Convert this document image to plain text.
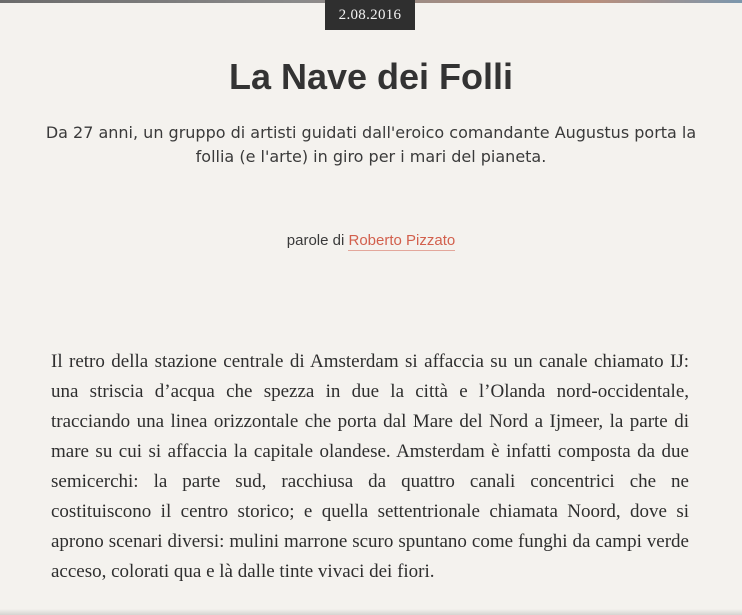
2.08.2016
La Nave dei Folli

Da 27 anni, un gruppo di artisti guidati dall'eroico comandante Augustus porta la follia (e l'arte) in giro per i mari del pianeta.

parole di Roberto Pizzato

Il retro della stazione centrale di Amsterdam si affaccia su un canale chiamato IJ: una striscia d’acqua che spezza in due la città e l’Olanda nord-occidentale, tracciando una linea orizzontale che porta dal Mare del Nord a Ijmeer, la parte di mare su cui si affaccia la capitale olandese. Amsterdam è infatti composta da due semicerchi: la parte sud, racchiusa da quattro canali concentrici che ne costituiscono il centro storico; e quella settentrionale chiamata Noord, dove si aprono scenari diversi: mulini marrone scuro spuntano come funghi da campi verde acceso, colorati qua e là dalle tinte vivaci dei fiori.
